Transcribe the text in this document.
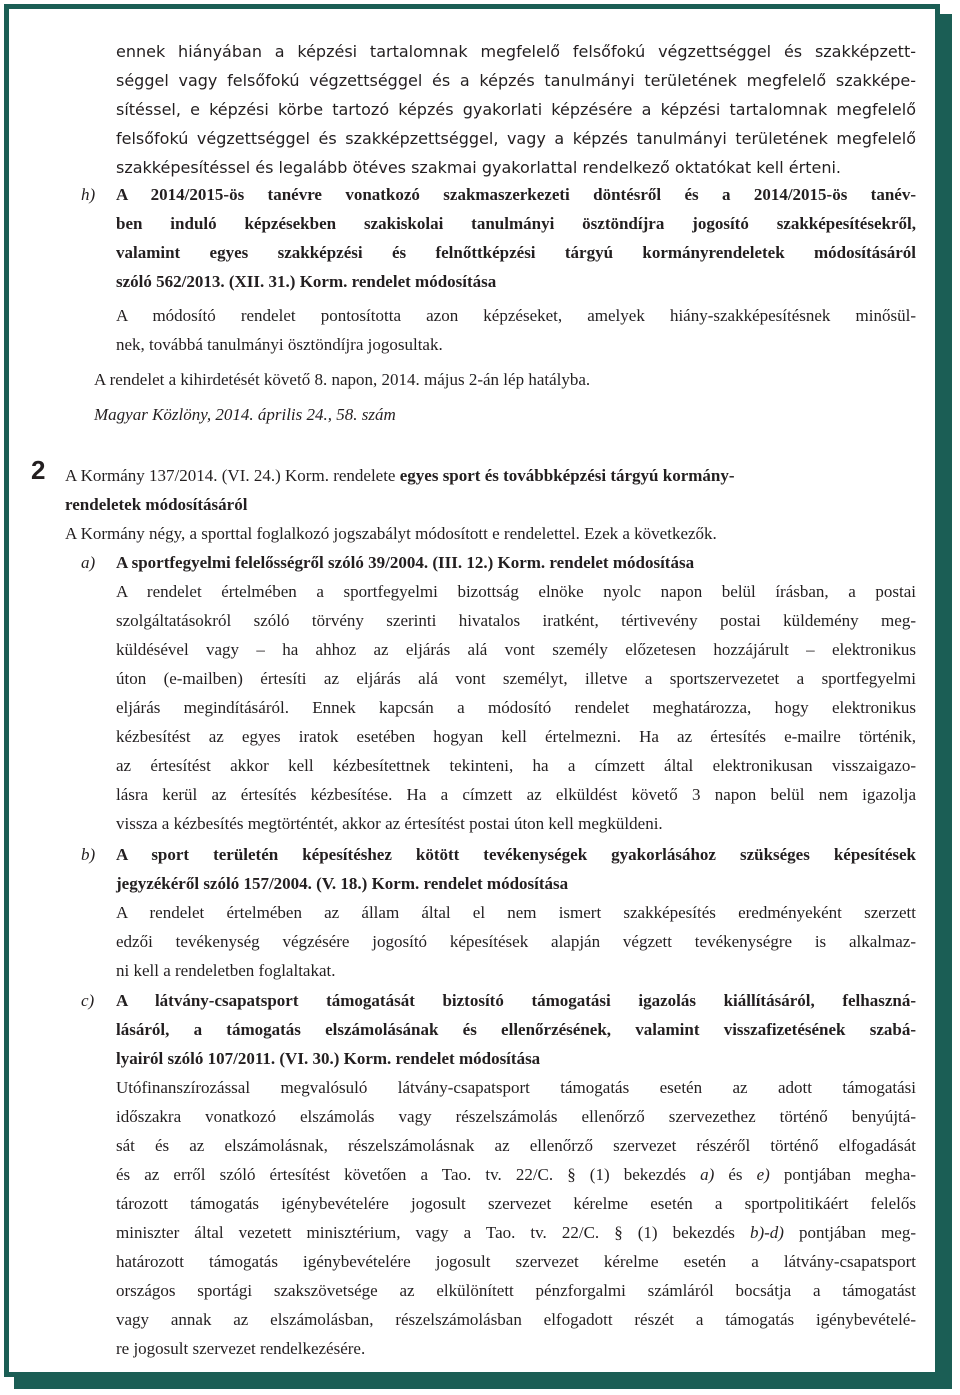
ennek hiányában a képzési tartalomnak megfelelő felsőfokú végzettséggel és szakképzett-
séggel vagy felsőfokú végzettséggel és a képzés tanulmányi területének megfelelő szakképe-
sítéssel, e képzési körbe tartozó képzés gyakorlati képzésére a képzési tartalomnak megfelelő
felsőfokú végzettséggel és szakképzettséggel, vagy a képzés tanulmányi területének megfelelő
szakképesítéssel és legalább ötéves szakmai gyakorlattal rendelkező oktatókat kell érteni.
h) A 2014/2015-ös tanévre vonatkozó szakmaszerkezeti döntésről és a 2014/2015-ös tanév-
ben induló képzésekben szakiskolai tanulmányi ösztöndíjra jogosító szakképesítésekről,
valamint egyes szakképzési és felnőttképzési tárgyú kormányrendeletek módosításáról
szóló 562/2013. (XII. 31.) Korm. rendelet módosítása
A módosító rendelet pontosította azon képzéseket, amelyek hiány-szakképesítésnek minősül-
nek, továbbá tanulmányi ösztöndíjra jogosultak.
A rendelet a kihirdetését követő 8. napon, 2014. május 2-án lép hatályba.
Magyar Közlöny, 2014. április 24., 58. szám
2 A Kormány 137/2014. (VI. 24.) Korm. rendelete egyes sport és továbbképzési tárgyú kormány-
rendeletek módosításáról
A Kormány négy, a sporttal foglalkozó jogszabályt módosított e rendelettel. Ezek a következők.
a) A sportfegyelmi felelősségről szóló 39/2004. (III. 12.) Korm. rendelet módosítása
A rendelet értelmében a sportfegyelmi bizottság elnöke nyolc napon belül írásban, a postai
szolgáltatásokról szóló törvény szerinti hivatalos iratként, tértivevény postai küldemény meg-
küldésével vagy – ha ahhoz az eljárás alá vont személy előzetesen hozzájárult – elektronikus
úton (e-mailben) értesíti az eljárás alá vont személyt, illetve a sportszervezetet a sportfegyelmi
eljárás megindításáról. Ennek kapcsán a módosító rendelet meghatározza, hogy elektronikus
kézbesítést az egyes iratok esetében hogyan kell értelmezni. Ha az értesítés e-mailre történik,
az értesítést akkor kell kézbesítettnek tekinteni, ha a címzett által elektronikusan visszaigazo-
lásra kerül az értesítés kézbesítése. Ha a címzett az elküldést követő 3 napon belül nem igazolja
vissza a kézbesítés megtörténtét, akkor az értesítést postai úton kell megküldeni.
b) A sport területén képesítéshez kötött tevékenységek gyakorlásához szükséges képesítések
jegyzékéről szóló 157/2004. (V. 18.) Korm. rendelet módosítása
A rendelet értelmében az állam által el nem ismert szakképesítés eredményeként szerzett
edzői tevékenység végzésére jogosító képesítések alapján végzett tevékenységre is alkalmaz-
ni kell a rendeletben foglaltakat.
c) A látvány-csapatsport támogatását biztosító támogatási igazolás kiállításáról, felhaszná-
lásáról, a támogatás elszámolásának és ellenőrzésének, valamint visszafizetésének szabá-
lyairól szóló 107/2011. (VI. 30.) Korm. rendelet módosítása
Utófinanszírozással megvalósuló látvány-csapatsport támogatás esetén az adott támogatási
időszakra vonatkozó elszámolás vagy részelszámolás ellenőrző szervezethez történő benyújtá-
sát és az elszámolásnak, részelszámolásnak az ellenőrző szervezet részéről történő elfogadását
és az erről szóló értesítést követően a Tao. tv. 22/C. § (1) bekezdés a) és e) pontjában megha-
tározott támogatás igénybevételére jogosult szervezet kérelme esetén a sportpolitikáért felelős
miniszter által vezetett minisztérium, vagy a Tao. tv. 22/C. § (1) bekezdés b)-d) pontjában meg-
határozott támogatás igénybevételére jogosult szervezet kérelme esetén a látvány-csapatsport
országos sportági szakszövetsége az elkülönített pénzforgalmi számláról bocsátja a támogatást
vagy annak az elszámolásban, részelszámolásban elfogadott részét a támogatás igénybevételé-
re jogosult szervezet rendelkezésére.
